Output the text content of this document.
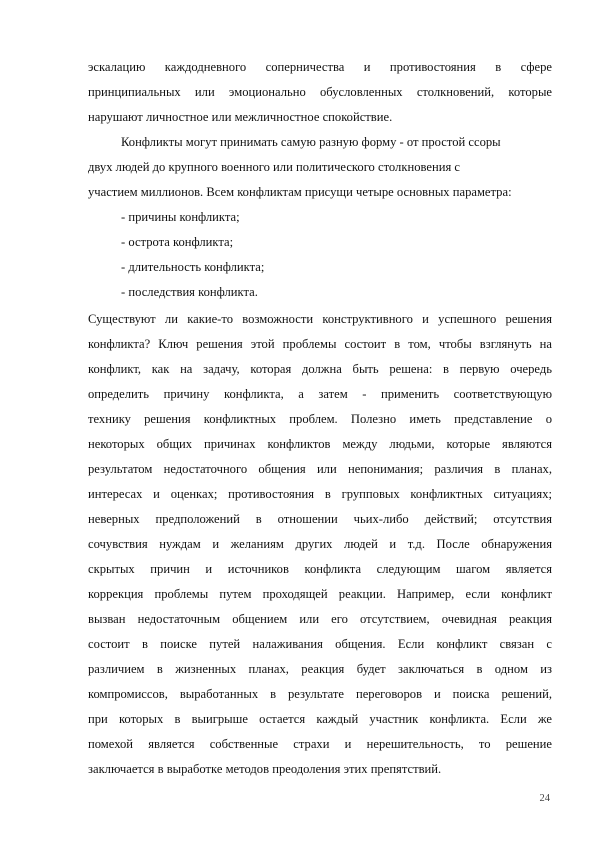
эскалацию каждодневного соперничества и противостояния в сфере
принципиальных или эмоционально обусловленных столкновений, которые
нарушают личностное или межличностное спокойствие.
Конфликты могут принимать самую разную форму - от простой ссоры
двух людей до крупного военного или политического столкновения с
участием миллионов. Всем конфликтам присущи четыре основных параметра:
- причины конфликта;
- острота конфликта;
- длительность конфликта;
- последствия конфликта.
Существуют ли какие-то возможности конструктивного и успешного решения
конфликта? Ключ решения этой проблемы состоит в том, чтобы взглянуть на
конфликт, как на задачу, которая должна быть решена: в первую очередь
определить причину конфликта, а затем - применить соответствующую
технику решения конфликтных проблем. Полезно иметь представление о
некоторых общих причинах конфликтов между людьми, которые являются
результатом недостаточного общения или непонимания; различия в планах,
интересах и оценках; противостояния в групповых конфликтных ситуациях;
неверных предположений в отношении чьих-либо действий; отсутствия
сочувствия нуждам и желаниям других людей и т.д. После обнаружения
скрытых причин и источников конфликта следующим шагом является
коррекция проблемы путем проходящей реакции. Например, если конфликт
вызван недостаточным общением или его отсутствием, очевидная реакция
состоит в поиске путей налаживания общения. Если конфликт связан с
различием в жизненных планах, реакция будет заключаться в одном из
компромиссов, выработанных в результате переговоров и поиска решений,
при которых в выигрыше остается каждый участник конфликта. Если же
помехой является собственные страхи и нерешительность, то решение
заключается в выработке методов преодоления этих препятствий.
24
